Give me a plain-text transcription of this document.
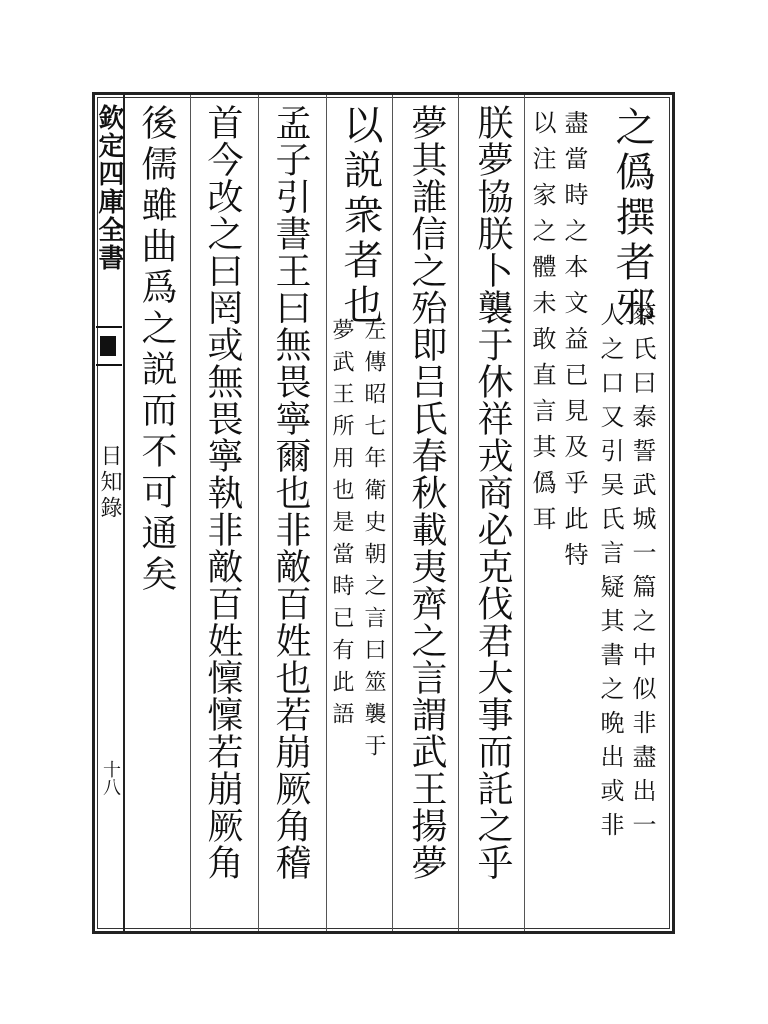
欽定四庫全書
日知錄
十八
之僞撰者邪
蔡氏曰泰誓武城一篇之中似非盡出一
人之口又引吴氏言疑其書之晩出或非
盡當時之本文益已見及乎此特
以注家之體未敢直言其僞耳
朕夢協朕卜襲于休祥戎商必克伐君大事而託之乎
夢其誰信之殆即吕氏春秋載夷齊之言謂武王揚夢
以説衆者也
左傳昭七年衛史朝之言曰筮襲于
夢武王所用也是當時已有此語
孟子引書王曰無畏寧爾也非敵百姓也若崩厥角稽
首今改之曰罔或無畏寧執非敵百姓懍懍若崩厥角
後儒雖曲爲之説而不可通矣
